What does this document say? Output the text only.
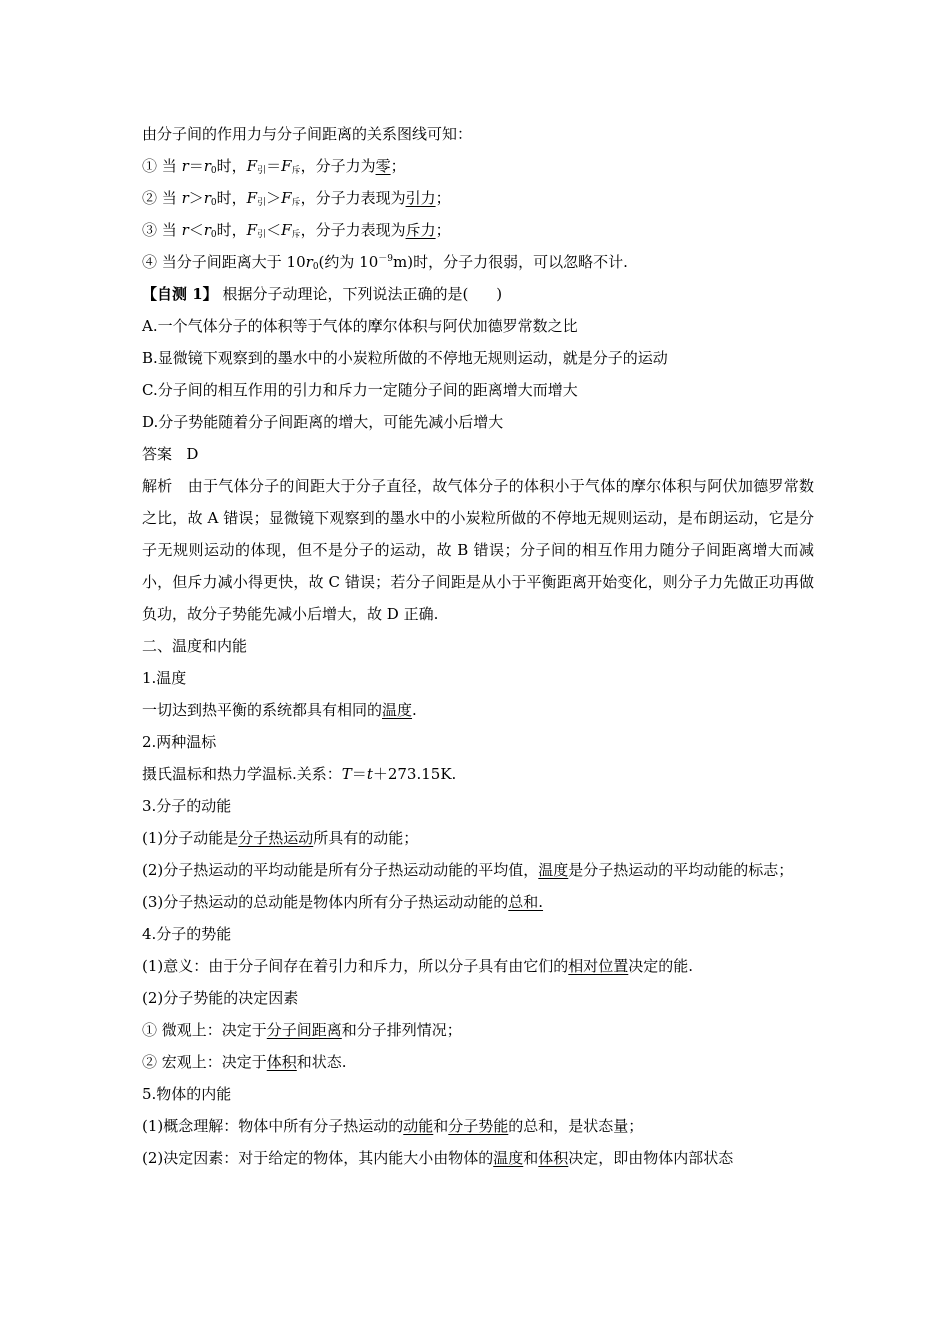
由分子间的作用力与分子间距离的关系图线可知：
① 当 $r=r_0$时，$F_引=F_斥$，分子力为零；
② 当 $r>r_0$时，$F_引>F_斥$，分子力表现为引力；
③ 当 $r<r_0$时，$F_引<F_斥$，分子力表现为斥力；
④ 当分子间距离大于 $10r_0$(约为 $10^{-9}m$)时，分子力很弱，可以忽略不计.
【自测 1】 根据分子动理论，下列说法正确的是( )
A.一个气体分子的体积等于气体的摩尔体积与阿伏加德罗常数之比
B.显微镜下观察到的墨水中的小炭粒所做的不停地无规则运动，就是分子的运动
C.分子间的相互作用的引力和斥力一定随分子间的距离增大而增大
D.分子势能随着分子间距离的增大，可能先减小后增大
答案 D
解析 由于气体分子的间距大于分子直径，故气体分子的体积小于气体的摩尔体积与阿伏加德罗常数之比，故 A 错误；显微镜下观察到的墨水中的小炭粒所做的不停地无规则运动，是布朗运动，它是分子无规则运动的体现，但不是分子的运动，故 B 错误；分子间的相互作用力随分子间距离增大而减小，但斥力减小得更快，故 C 错误；若分子间距是从小于平衡距离开始变化，则分子力先做正功再做负功，故分子势能先减小后增大，故 D 正确.
二、温度和内能
1.温度
一切达到热平衡的系统都具有相同的温度.
2.两种温标
摄氏温标和热力学温标.关系：T＝t＋273.15K.
3.分子的动能
(1)分子动能是分子热运动所具有的动能；
(2)分子热运动的平均动能是所有分子热运动动能的平均值，温度是分子热运动的平均动能的标志；
(3)分子热运动的总动能是物体内所有分子热运动动能的总和.
4.分子的势能
(1)意义：由于分子间存在着引力和斥力，所以分子具有由它们的相对位置决定的能.
(2)分子势能的决定因素
① 微观上：决定于分子间距离和分子排列情况；
② 宏观上：决定于体积和状态.
5.物体的内能
(1)概念理解：物体中所有分子热运动的动能和分子势能的总和，是状态量；
(2)决定因素：对于给定的物体，其内能大小由物体的温度和体积决定，即由物体内部状态
